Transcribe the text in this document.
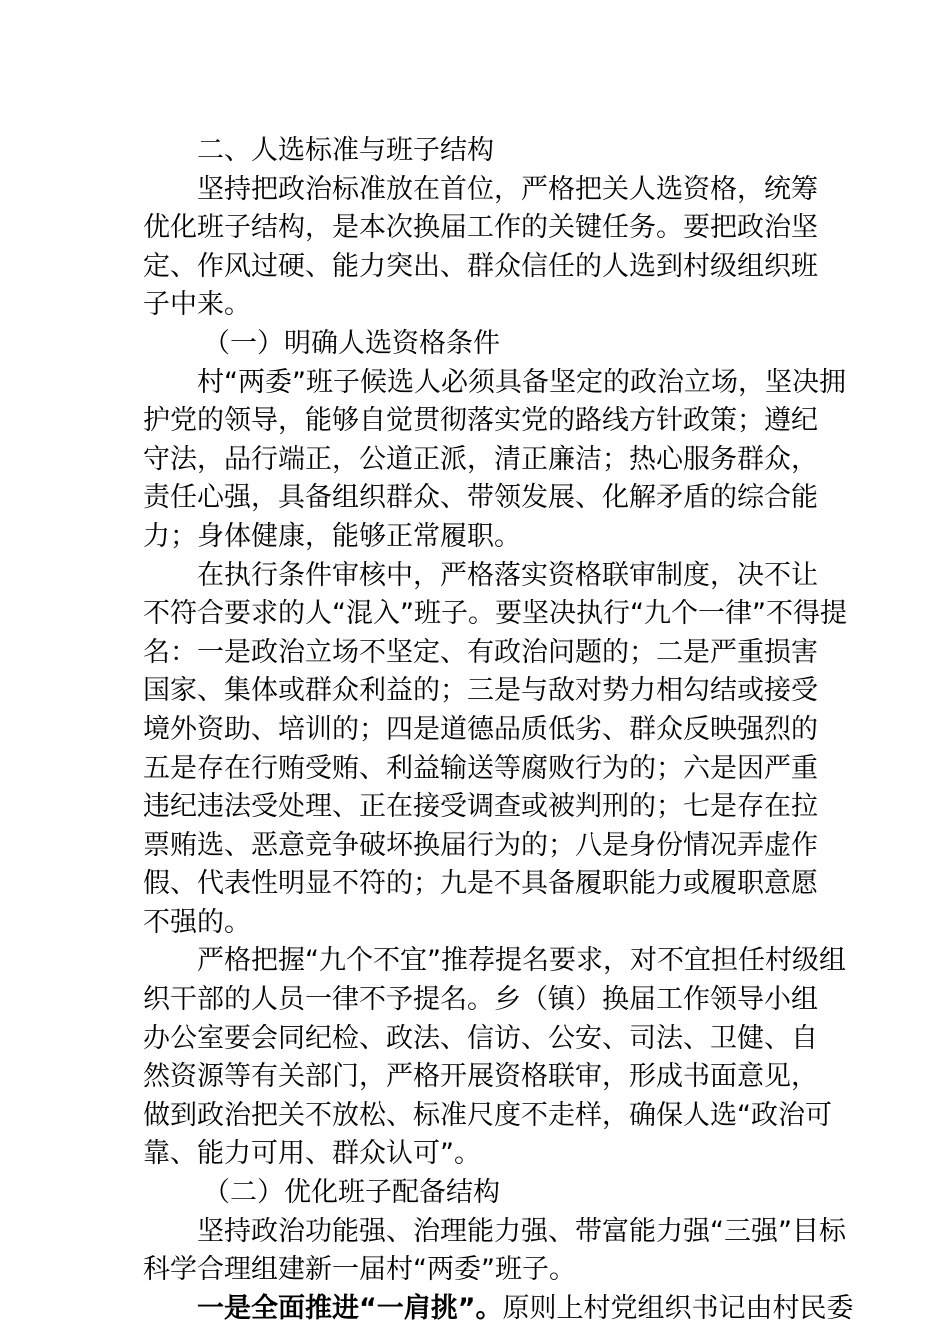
二、人选标准与班子结构
坚持把政治标准放在首位，严格把关人选资格，统筹
优化班子结构，是本次换届工作的关键任务。要把政治坚
定、作风过硬、能力突出、群众信任的人选到村级组织班
子中来。
（一）明确人选资格条件
村“两委”班子候选人必须具备坚定的政治立场，坚决拥
护党的领导，能够自觉贯彻落实党的路线方针政策；遵纪
守法，品行端正，公道正派，清正廉洁；热心服务群众，
责任心强，具备组织群众、带领发展、化解矛盾的综合能
力；身体健康，能够正常履职。
在执行条件审核中，严格落实资格联审制度，决不让
不符合要求的人“混入”班子。要坚决执行“九个一律”不得提
名：一是政治立场不坚定、有政治问题的；二是严重损害
国家、集体或群众利益的；三是与敌对势力相勾结或接受
境外资助、培训的；四是道德品质低劣、群众反映强烈的
五是存在行贿受贿、利益输送等腐败行为的；六是因严重
违纪违法受处理、正在接受调查或被判刑的；七是存在拉
票贿选、恶意竞争破坏换届行为的；八是身份情况弄虚作
假、代表性明显不符的；九是不具备履职能力或履职意愿
不强的。
严格把握“九个不宜”推荐提名要求，对不宜担任村级组
织干部的人员一律不予提名。乡（镇）换届工作领导小组
办公室要会同纪检、政法、信访、公安、司法、卫健、自
然资源等有关部门，严格开展资格联审，形成书面意见，
做到政治把关不放松、标准尺度不走样，确保人选“政治可
靠、能力可用、群众认可”。
（二）优化班子配备结构
坚持政治功能强、治理能力强、带富能力强“三强”目标
科学合理组建新一届村“两委”班子。
一是全面推进“一肩挑”。原则上村党组织书记由村民委
